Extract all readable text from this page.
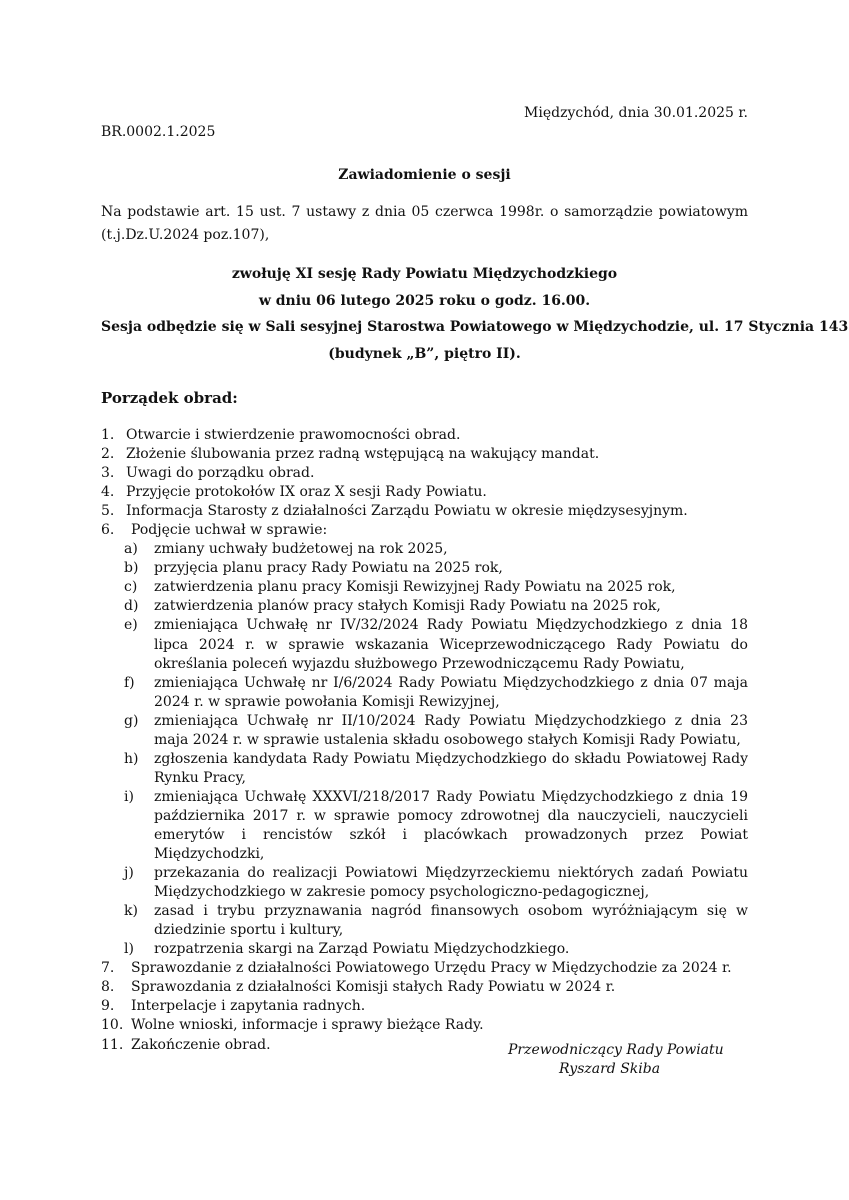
Międzychód, dnia 30.01.2025 r.
BR.0002.1.2025
Zawiadomienie o sesji
Na podstawie art. 15 ust. 7 ustawy z dnia 05 czerwca 1998r. o samorządzie powiatowym (t.j.Dz.U.2024 poz.107),
zwołuję XI sesję Rady Powiatu Międzychodzkiego
w dniu 06 lutego 2025 roku o godz. 16.00.
Sesja odbędzie się w Sali sesyjnej Starostwa Powiatowego w Międzychodzie, ul. 17 Stycznia 143
(budynek „B”, piętro II).
Porządek obrad:
1. Otwarcie i stwierdzenie prawomocności obrad.
2. Złożenie ślubowania przez radną wstępującą na wakujący mandat.
3. Uwagi do porządku obrad.
4. Przyjęcie protokołów IX oraz X sesji Rady Powiatu.
5. Informacja Starosty z działalności Zarządu Powiatu w okresie międzysesyjnym.
6. Podjęcie uchwał w sprawie:
a) zmiany uchwały budżetowej na rok 2025,
b) przyjęcia planu pracy Rady Powiatu na 2025 rok,
c) zatwierdzenia planu pracy Komisji Rewizyjnej Rady Powiatu na 2025 rok,
d) zatwierdzenia planów pracy stałych Komisji Rady Powiatu na 2025 rok,
e) zmieniająca Uchwałę nr IV/32/2024 Rady Powiatu Międzychodzkiego z dnia 18 lipca 2024 r. w sprawie wskazania Wiceprzewodniczącego Rady Powiatu do określania poleceń wyjazdu służbowego Przewodniczącemu Rady Powiatu,
f) zmieniająca Uchwałę nr I/6/2024 Rady Powiatu Międzychodzkiego z dnia 07 maja 2024 r. w sprawie powołania Komisji Rewizyjnej,
g) zmieniająca Uchwałę nr II/10/2024 Rady Powiatu Międzychodzkiego z dnia 23 maja 2024 r. w sprawie ustalenia składu osobowego stałych Komisji Rady Powiatu,
h) zgłoszenia kandydata Rady Powiatu Międzychodzkiego do składu Powiatowej Rady Rynku Pracy,
i) zmieniająca Uchwałę XXXVI/218/2017 Rady Powiatu Międzychodzkiego z dnia 19 października 2017 r. w sprawie pomocy zdrowotnej dla nauczycieli, nauczycieli emerytów i rencistów szkół i placówkach prowadzonych przez Powiat Międzychodzki,
j) przekazania do realizacji Powiatowi Międzyrzeckiemu niektórych zadań Powiatu Międzychodzkiego w zakresie pomocy psychologiczno-pedagogicznej,
k) zasad i trybu przyznawania nagród finansowych osobom wyróżniającym się w dziedzinie sportu i kultury,
l) rozpatrzenia skargi na Zarząd Powiatu Międzychodzkiego.
7. Sprawozdanie z działalności Powiatowego Urzędu Pracy w Międzychodzie za 2024 r.
8. Sprawozdania z działalności Komisji stałych Rady Powiatu w 2024 r.
9. Interpelacje i zapytania radnych.
10. Wolne wnioski, informacje i sprawy bieżące Rady.
11. Zakończenie obrad.	Przewodniczący Rady Powiatu
Ryszard Skiba
